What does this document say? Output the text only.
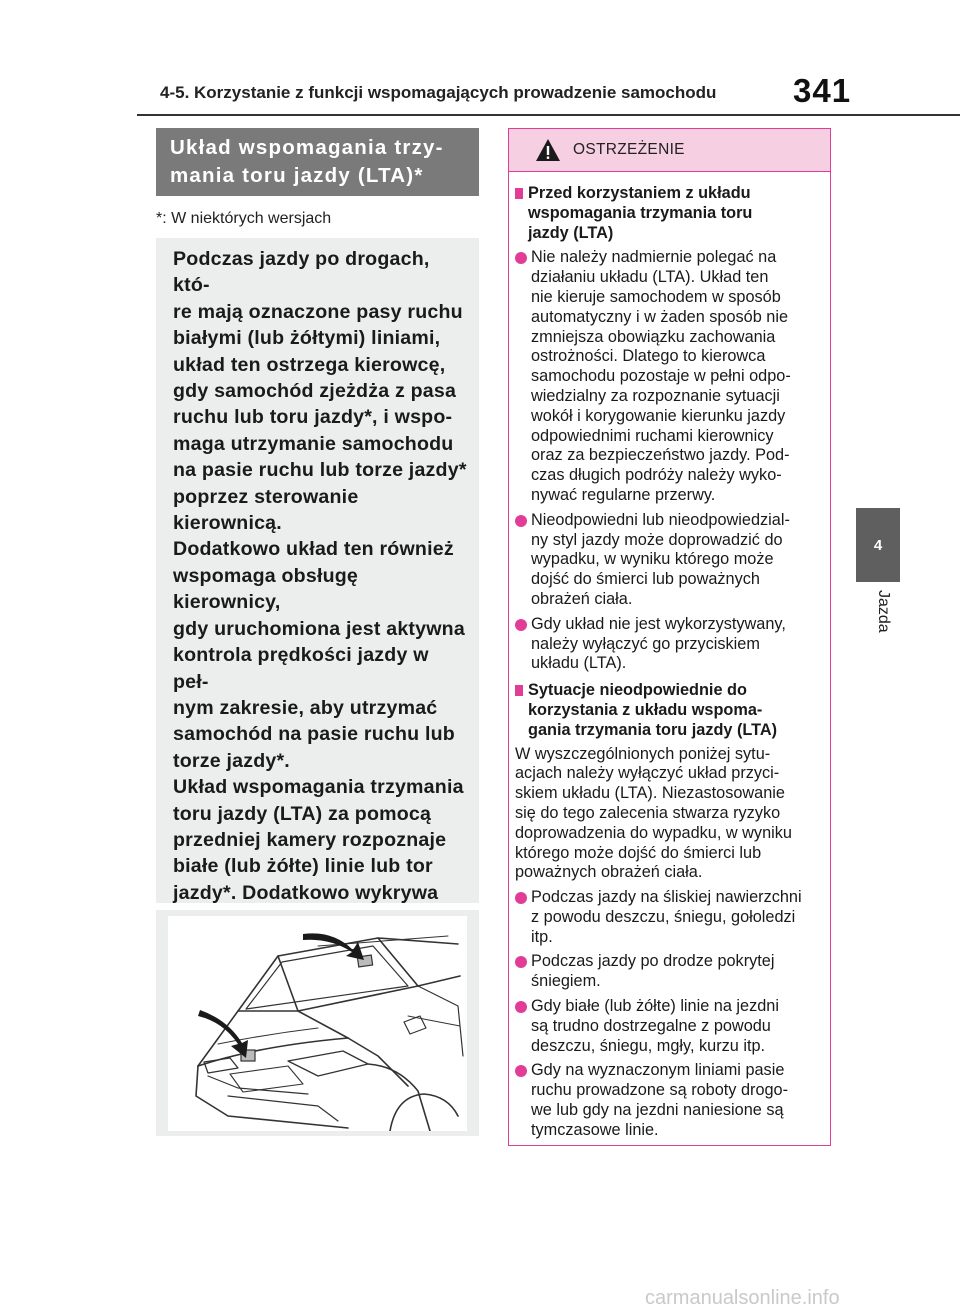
4-5. Korzystanie z funkcji wspomagających prowadzenie samochodu	341
4
Jazda
Układ wspomagania trzy-
mania toru jazdy (LTA)*
*: W niektórych wersjach
Podczas jazdy po drogach, któ-
re mają oznaczone pasy ruchu
białymi (lub żółtymi) liniami,
układ ten ostrzega kierowcę,
gdy samochód zjeżdża z pasa
ruchu lub toru jazdy*, i wspo-
maga utrzymanie samochodu
na pasie ruchu lub torze jazdy*
poprzez sterowanie kierownicą.
Dodatkowo układ ten również
wspomaga obsługę kierownicy,
gdy uruchomiona jest aktywna
kontrola prędkości jazdy w peł-
nym zakresie, aby utrzymać
samochód na pasie ruchu lub
torze jazdy*.
Układ wspomagania trzymania
toru jazdy (LTA) za pomocą
przedniej kamery rozpoznaje
białe (lub żółte) linie lub tor
jazdy*. Dodatkowo wykrywa

OSTRZEŻENIE
Przed korzystaniem z układu
wspomagania trzymania toru
jazdy (LTA)
Nie należy nadmiernie polegać na
działaniu układu (LTA). Układ ten
nie kieruje samochodem w sposób
automatyczny i w żaden sposób nie
zmniejsza obowiązku zachowania
ostrożności. Dlatego to kierowca
samochodu pozostaje w pełni odpo-
wiedzialny za rozpoznanie sytuacji
wokół i korygowanie kierunku jazdy
odpowiednimi ruchami kierownicy
oraz za bezpieczeństwo jazdy. Pod-
czas długich podróży należy wyko-
nywać regularne przerwy.
Nieodpowiedni lub nieodpowiedzial-
ny styl jazdy może doprowadzić do
wypadku, w wyniku którego może
dojść do śmierci lub poważnych
obrażeń ciała.
Gdy układ nie jest wykorzystywany,
należy wyłączyć go przyciskiem
układu (LTA).
Sytuacje nieodpowiednie do
korzystania z układu wspoma-
gania trzymania toru jazdy (LTA)
W wyszczególnionych poniżej sytu-
acjach należy wyłączyć układ przyci-
skiem układu (LTA). Niezastosowanie
się do tego zalecenia stwarza ryzyko
doprowadzenia do wypadku, w wyniku
którego może dojść do śmierci lub
poważnych obrażeń ciała.
Podczas jazdy na śliskiej nawierzchni
z powodu deszczu, śniegu, gołoledzi
itp.
Podczas jazdy po drodze pokrytej
śniegiem.
Gdy białe (lub żółte) linie na jezdni
są trudno dostrzegalne z powodu
deszczu, śniegu, mgły, kurzu itp.
Gdy na wyznaczonym liniami pasie
ruchu prowadzone są roboty drogo-
we lub gdy na jezdni naniesione są
tymczasowe linie.
carmanualsonline.info
